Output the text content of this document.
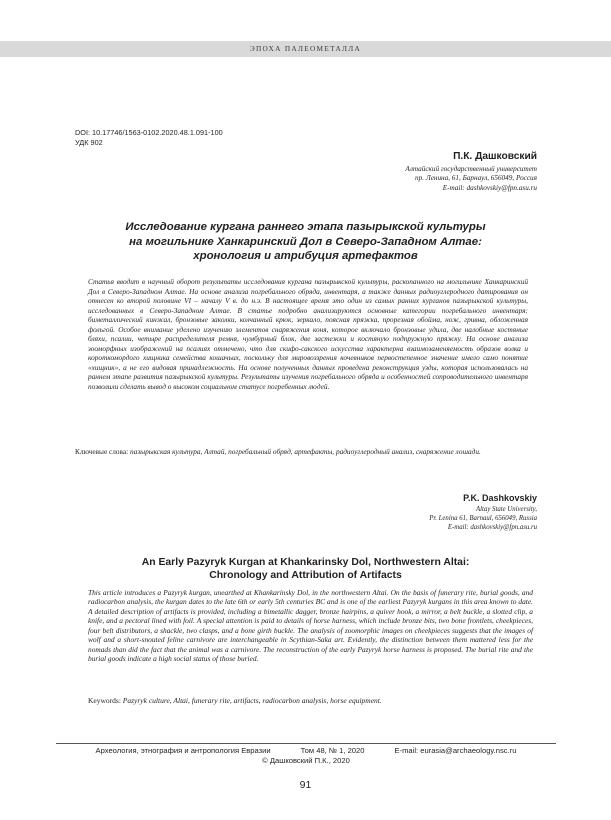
ЭПОХА ПАЛЕОМЕТАЛЛА
DOI: 10.17746/1563-0102.2020.48.1.091-100
УДК 902
П.К. Дашковский
Алтайский государственный университет
пр. Ленина, 61, Барнаул, 656049, Россия
E-mail: dashkovskiy@fpn.asu.ru
Исследование кургана раннего этапа пазырыкской культуры
на могильнике Ханкаринский Дол в Северо-Западном Алтае:
хронология и атрибуция артефактов
Статья вводит в научный оборот результаты исследования кургана пазырыкской культуры, раскопанного на могильнике Ханкаринский Дол в Северо-Западном Алтае. На основе анализа погребального обряда, инвентаря, а также данных радиоуглеродного датирования он отнесен ко второй половине VI – началу V в. до н.э. В настоящее время это один из самых ранних курганов пазырыкской культуры, исследованных в Северо-Западном Алтае. В статье подробно анализируются основные категории погребального инвентаря: биметаллический кинжал, бронзовые заколки, колчанный крюк, зеркало, поясная пряжка, прорезная обойма, нож, гривна, обложенная фольгой. Особое внимание уделено изучению элементов снаряжения коня, которое включало бронзовые удила, две налобные костяные бляхи, псалии, четыре распределителя ремня, чумбурный блок, две застежки и костяную подпружную пряжку. На основе анализа зооморфных изображений на псалиях отмечено, что для скифо-сакского искусства характерна взаимозаменяемость образов волка и короткомордого хищника семейства кошачьих, поскольку для мировоззрения кочевников первостепенное значение имело само понятие «хищник», а не его видовая принадлежность. На основе полученных данных проведена реконструкция узды, которая использовалась на раннем этапе развития пазырыкской культуры. Результаты изучения погребального обряда и особенностей сопроводительного инвентаря позволили сделать вывод о высоком социальном статусе погребенных людей.
Ключевые слова: пазырыкская культура, Алтай, погребальный обряд, артефакты, радиоуглеродный анализ, снаряжение лошади.
P.K. Dashkovskiy
Altay State University,
Pr. Lenina 61, Barnaul, 656049, Russia
E-mail: dashkovskiy@fpn.asu.ru
An Early Pazyryk Kurgan at Khankarinsky Dol, Northwestern Altai:
Chronology and Attribution of Artifacts
This article introduces a Pazyryk kurgan, unearthed at Khankarinsky Dol, in the northwestern Altai. On the basis of funerary rite, burial goods, and radiocarbon analysis, the kurgan dates to the late 6th or early 5th centuries BC and is one of the earliest Pazyryk kurgans in this area known to date. A detailed description of artifacts is provided, including a bimetallic dagger, bronze hairpins, a quiver hook, a mirror, a belt buckle, a slotted clip, a knife, and a pectoral lined with foil. A special attention is paid to details of horse harness, which include bronze bits, two bone frontlets, cheekpieces, four belt distributors, a shackle, two clasps, and a bone girth buckle. The analysis of zoomorphic images on cheekpieces suggests that the images of wolf and a short-snouted feline carnivore are interchangeable in Scythian-Saka art. Evidently, the distinction between them mattered less for the nomads than did the fact that the animal was a carnivore. The reconstruction of the early Pazyryk horse harness is proposed. The burial rite and the burial goods indicate a high social status of those buried.
Keywords: Pazyryk culture, Altai, funerary rite, artifacts, radiocarbon analysis, horse equipment.
Археология, этнография и антропология Евразии	Том 48, № 1, 2020	E-mail: eurasia@archaeology.nsc.ru
© Дашковский П.К., 2020
91
